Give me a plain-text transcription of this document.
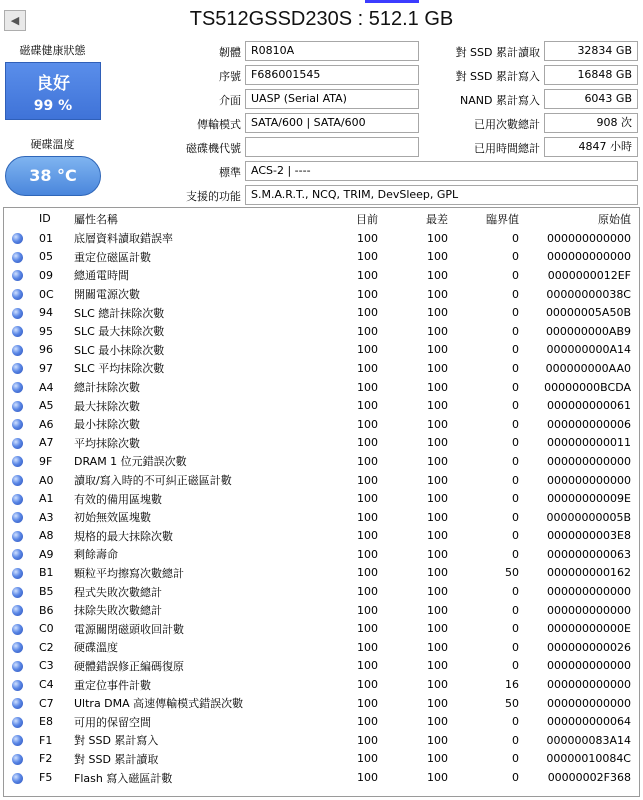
◀	TS512GSSD230S : 512.1 GB
磁碟健康狀態
良好
99 %
硬碟溫度
38 °C
韌體 R0810A
序號 F686001545
介面 UASP (Serial ATA)
傳輸模式 SATA/600 | SATA/600
磁碟機代號
對 SSD 累計讀取	32834 GB
對 SSD 累計寫入	16848 GB
NAND 累計寫入	6043 GB
已用次數總計	908 次
已用時間總計	4847 小時
標準 ACS-2 | ----
支援的功能 S.M.A.R.T., NCQ, TRIM, DevSleep, GPL
	ID	屬性名稱	目前	最差	臨界值	原始值
	01	底層資料讀取錯誤率	100	100	0	000000000000
	05	重定位磁區計數	100	100	0	000000000000
	09	總通電時間	100	100	0	0000000012EF
	0C	開關電源次數	100	100	0	00000000038C
	94	SLC 總計抹除次數	100	100	0	00000005A50B
	95	SLC 最大抹除次數	100	100	0	000000000AB9
	96	SLC 最小抹除次數	100	100	0	000000000A14
	97	SLC 平均抹除次數	100	100	0	000000000AA0
	A4	總計抹除次數	100	100	0	00000000BCDA
	A5	最大抹除次數	100	100	0	000000000061
	A6	最小抹除次數	100	100	0	000000000006
	A7	平均抹除次數	100	100	0	000000000011
	9F	DRAM 1 位元錯誤次數	100	100	0	000000000000
	A0	讀取/寫入時的不可糾正磁區計數	100	100	0	000000000000
	A1	有效的備用區塊數	100	100	0	00000000009E
	A3	初始無效區塊數	100	100	0	00000000005B
	A8	規格的最大抹除次數	100	100	0	0000000003E8
	A9	剩餘壽命	100	100	0	000000000063
	B1	顆粒平均擦寫次數總計	100	100	50	000000000162
	B5	程式失敗次數總計	100	100	0	000000000000
	B6	抹除失敗次數總計	100	100	0	000000000000
	C0	電源關閉磁頭收回計數	100	100	0	00000000000E
	C2	硬碟溫度	100	100	0	000000000026
	C3	硬體錯誤修正編碼復原	100	100	0	000000000000
	C4	重定位事件計數	100	100	16	000000000000
	C7	Ultra DMA 高速傳輸模式錯誤次數	100	100	50	000000000000
	E8	可用的保留空間	100	100	0	000000000064
	F1	對 SSD 累計寫入	100	100	0	000000083A14
	F2	對 SSD 累計讀取	100	100	0	00000010084C
	F5	Flash 寫入磁區計數	100	100	0	00000002F368
